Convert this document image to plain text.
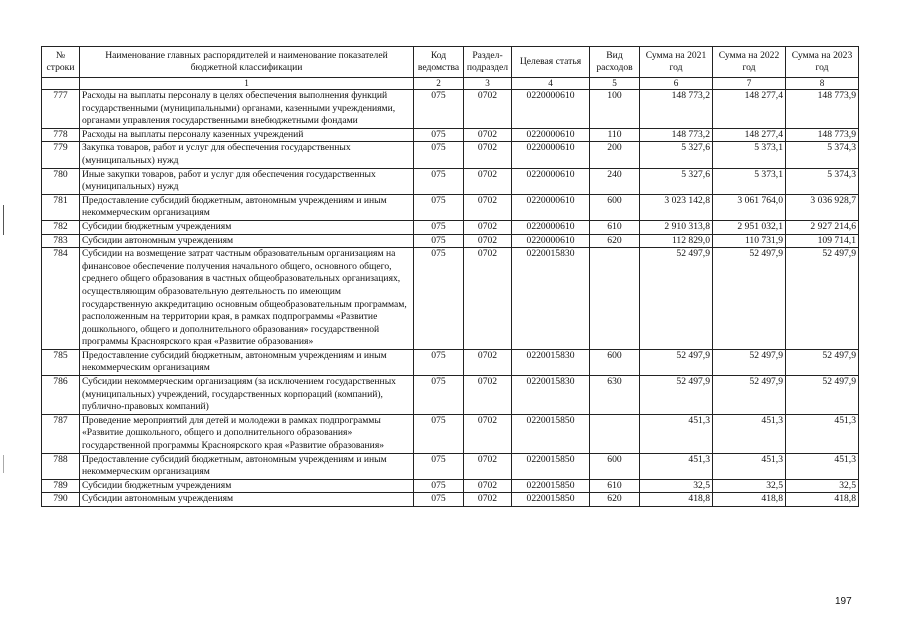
№ строки	Наименование главных распорядителей и наименование показателей бюджетной классификации	Код ведомства	Раздел-подраздел	Целевая статья	Вид расходов	Сумма на 2021 год	Сумма на 2022 год	Сумма на 2023 год
	1	2	3	4	5	6	7	8
777	Расходы на выплаты персоналу в целях обеспечения выполнения функций государственными (муниципальными) органами, казенными учреждениями, органами управления государственными внебюджетными фондами	075	0702	0220000610	100	148 773,2	148 277,4	148 773,9
778	Расходы на выплаты персоналу казенных учреждений	075	0702	0220000610	110	148 773,2	148 277,4	148 773,9
779	Закупка товаров, работ и услуг для обеспечения государственных (муниципальных) нужд	075	0702	0220000610	200	5 327,6	5 373,1	5 374,3
780	Иные закупки товаров, работ и услуг для обеспечения государственных (муниципальных) нужд	075	0702	0220000610	240	5 327,6	5 373,1	5 374,3
781	Предоставление субсидий бюджетным, автономным учреждениям и иным некоммерческим организациям	075	0702	0220000610	600	3 023 142,8	3 061 764,0	3 036 928,7
782	Субсидии бюджетным учреждениям	075	0702	0220000610	610	2 910 313,8	2 951 032,1	2 927 214,6
783	Субсидии автономным учреждениям	075	0702	0220000610	620	112 829,0	110 731,9	109 714,1
784	Субсидии на возмещение затрат частным образовательным организациям на финансовое обеспечение получения начального общего, основного общего, среднего общего образования в частных общеобразовательных организациях, осуществляющим образовательную деятельность по имеющим государственную аккредитацию основным общеобразовательным программам, расположенным на территории края, в рамках подпрограммы «Развитие дошкольного, общего и дополнительного образования» государственной программы Красноярского края «Развитие образования»	075	0702	0220015830		52 497,9	52 497,9	52 497,9
785	Предоставление субсидий бюджетным, автономным учреждениям и иным некоммерческим организациям	075	0702	0220015830	600	52 497,9	52 497,9	52 497,9
786	Субсидии некоммерческим организациям (за исключением государственных (муниципальных) учреждений, государственных корпораций (компаний), публично-правовых компаний)	075	0702	0220015830	630	52 497,9	52 497,9	52 497,9
787	Проведение мероприятий для детей и молодежи в рамках подпрограммы «Развитие дошкольного, общего и дополнительного образования» государственной программы Красноярского края «Развитие образования»	075	0702	0220015850		451,3	451,3	451,3
788	Предоставление субсидий бюджетным, автономным учреждениям и иным некоммерческим организациям	075	0702	0220015850	600	451,3	451,3	451,3
789	Субсидии бюджетным учреждениям	075	0702	0220015850	610	32,5	32,5	32,5
790	Субсидии автономным учреждениям	075	0702	0220015850	620	418,8	418,8	418,8
197
